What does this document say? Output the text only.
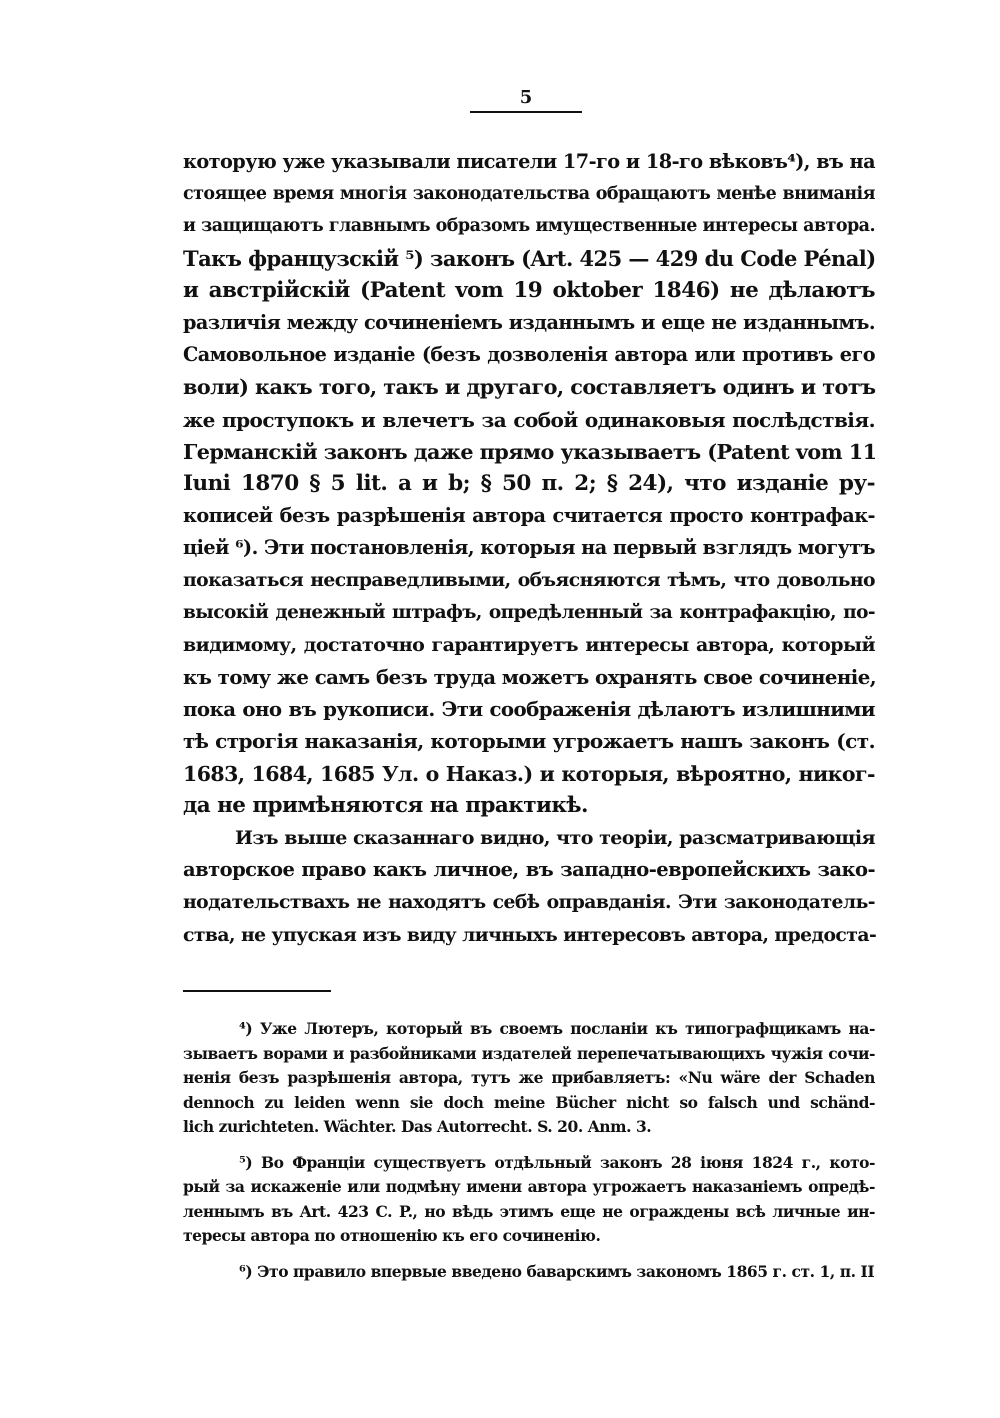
5
которую уже указывали писатели 17-го и 18-го вѣковъ⁴), въ на
стоящее время многія законодательства обращаютъ менѣе вниманія
и защищаютъ главнымъ образомъ имущественные интересы автора.
Такъ французскій ⁵) законъ (Art. 425 — 429 du Code Pénal)
и австрійскій (Patent vom 19 oktober 1846) не дѣлаютъ
различія между сочиненіемъ изданнымъ и еще не изданнымъ.
Самовольное изданіе (безъ дозволенія автора или противъ его
воли) какъ того, такъ и другаго, составляетъ одинъ и тотъ
же проступокъ и влечетъ за собой одинаковыя послѣдствія.
Германскій законъ даже прямо указываетъ (Patent vom 11
Iuni 1870 § 5 lit. a и b; § 50 п. 2; § 24), что изданіе ру-
кописей безъ разрѣшенія автора считается просто контрафак-
ціей ⁶). Эти постановленія, которыя на первый взглядъ могутъ
показаться несправедливыми, объясняются тѣмъ, что довольно
высокій денежный штрафъ, опредѣленный за контрафакцію, по-
видимому, достаточно гарантируетъ интересы автора, который
къ тому же самъ безъ труда можетъ охранять свое сочиненіе,
пока оно въ рукописи. Эти соображенія дѣлаютъ излишними
тѣ строгія наказанія, которыми угрожаетъ нашъ законъ (ст.
1683, 1684, 1685 Ул. о Наказ.) и которыя, вѣроятно, никог-
да не примѣняются на практикѣ.
Изъ выше сказаннаго видно, что теоріи, разсматривающія
авторское право какъ личное, въ западно-европейскихъ зако-
нодательствахъ не находятъ себѣ оправданія. Эти законодатель-
ства, не упуская изъ виду личныхъ интересовъ автора, предоста-
⁴) Уже Лютеръ, который въ своемъ посланіи къ типографщикамъ на-
зываетъ ворами и разбойниками издателей перепечатывающихъ чужія сочи-
ненія безъ разрѣшенія автора, тутъ же прибавляетъ: «Nu wäre der Schaden
dennoch zu leiden wenn sie doch meine Bücher nicht so falsch und schänd-
lich zurichteten. Wächter. Das Autorrecht. S. 20. Anm. 3.
⁵) Во Франціи существуетъ отдѣльный законъ 28 іюня 1824 г., кото-
рый за искаженіе или подмѣну имени автора угрожаетъ наказаніемъ опредѣ-
леннымъ въ Art. 423 C. P., но вѣдь этимъ еще не ограждены всѣ личные ин-
тересы автора по отношенію къ его сочиненію.
⁶) Это правило впервые введено баварскимъ закономъ 1865 г. ст. 1, п. II
